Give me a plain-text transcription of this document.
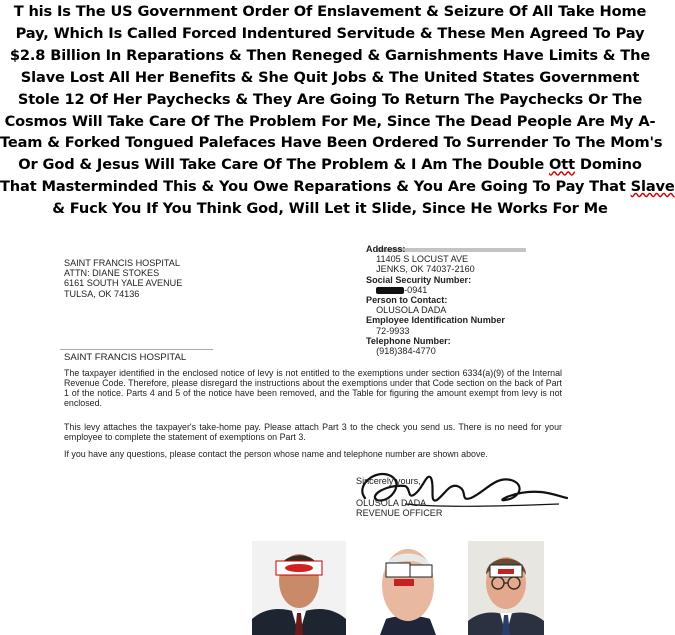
T his Is The US Government Order Of Enslavement & Seizure Of All Take Home
Pay, Which Is Called Forced Indentured Servitude & These Men Agreed To Pay
$2.8 Billion In Reparations & Then Reneged & Garnishments Have Limits & The
Slave Lost All Her Benefits & She Quit Jobs & The United States Government
Stole 12 Of Her Paychecks & They Are Going To Return The Paychecks Or The
Cosmos Will Take Care Of The Problem For Me, Since The Dead People Are My A-
Team & Forked Tongued Palefaces Have Been Ordered To Surrender To The Mom's
Or God & Jesus Will Take Care Of The Problem & I Am The Double Ott Domino
That Masterminded This & You Owe Reparations & You Are Going To Pay That Slave
& Fuck You If You Think God, Will Let it Slide, Since He Works For Me
SAINT FRANCIS HOSPITAL
ATTN: DIANE STOKES
6161 SOUTH YALE AVENUE
TULSA, OK 74136
Address:
11405 S LOCUST AVE
JENKS, OK 74037-2160
Social Security Number:
-0941
Person to Contact:
OLUSOLA DADA
Employee Identification Number
72-9933
Telephone Number:
(918)384-4770
SAINT FRANCIS HOSPITAL
The taxpayer identified in the enclosed notice of levy is not entitled to the exemptions under section 6334(a)(9) of the Internal Revenue Code. Therefore, please disregard the instructions about the exemptions under that Code section on the back of Part 1 of the notice. Parts 4 and 5 of the notice have been removed, and the Table for figuring the amount exempt from levy is not enclosed.
This levy attaches the taxpayer's take-home pay. Please attach Part 3 to the check you send us. There is no need for your employee to complete the statement of exemptions on Part 3.
If you have any questions, please contact the person whose name and telephone number are shown above.
Sincerely yours,
OLUSOLA DADA
REVENUE OFFICER
